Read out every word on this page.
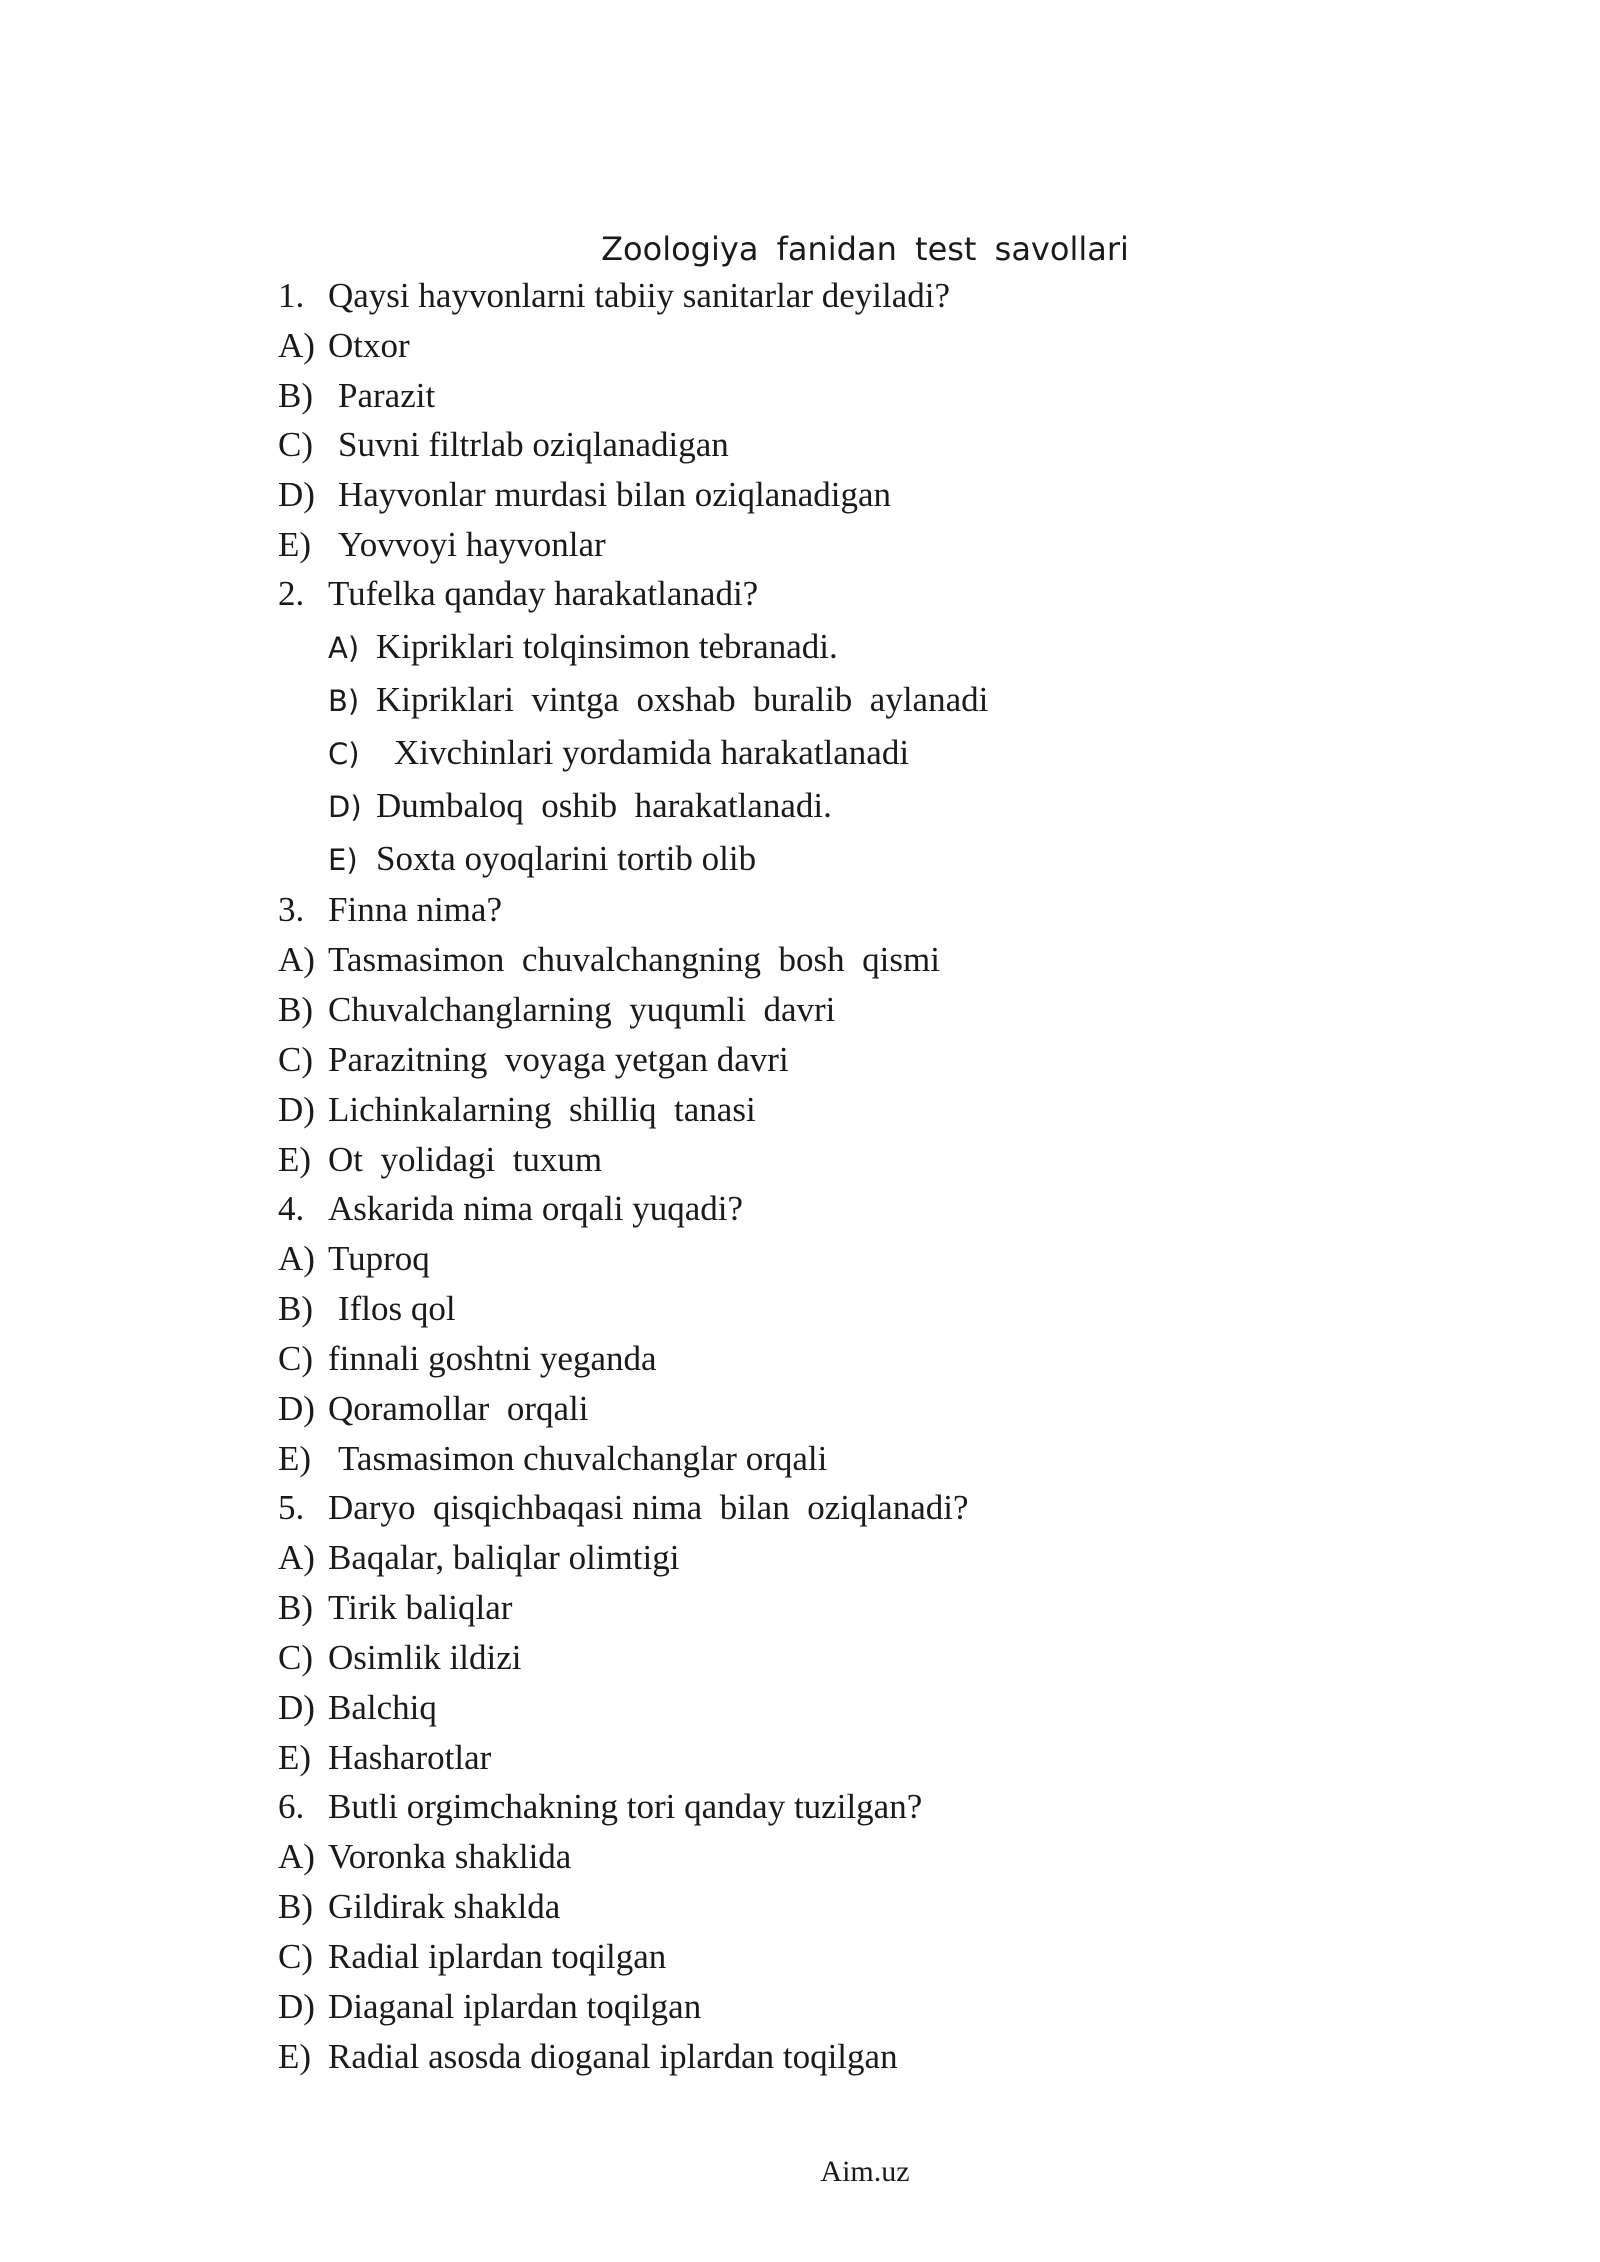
Zoologiya fanidan test savollari
1. Qaysi hayvonlarni tabiiy sanitarlar deyiladi?
A) Otxor
B) Parazit
C) Suvni filtrlab oziqlanadigan
D) Hayvonlar murdasi bilan oziqlanadigan
E) Yovvoyi hayvonlar
2. Tufelka qanday harakatlanadi?
A) Kipriklari tolqinsimon tebranadi.
B) Kipriklari  vintga  oxshab  buralib  aylanadi
C) Xivchinlari yordamida harakatlanadi
D) Dumbaloq  oshib  harakatlanadi.
E) Soxta oyoqlarini tortib olib
3. Finna nima?
A) Tasmasimon  chuvalchangning  bosh  qismi
B) Chuvalchanglarning  yuqumli  davri
C) Parazitning  voyaga yetgan davri
D) Lichinkalarning  shilliq  tanasi
E) Ot  yolidagi  tuxum
4. Askarida nima orqali yuqadi?
A) Tuproq
B) Iflos qol
C) finnali goshtni yeganda
D) Qoramollar  orqali
E) Tasmasimon chuvalchanglar orqali
5. Daryo  qisqichbaqasi nima  bilan  oziqlanadi?
A) Baqalar, baliqlar olimtigi
B) Tirik baliqlar
C) Osimlik ildizi
D) Balchiq
E) Hasharotlar
6. Butli orgimchakning tori qanday tuzilgan?
A) Voronka shaklida
B) Gildirak shaklda
C) Radial iplardan toqilgan
D) Diaganal iplardan toqilgan
E) Radial asosda dioganal iplardan toqilgan
Aim.uz
